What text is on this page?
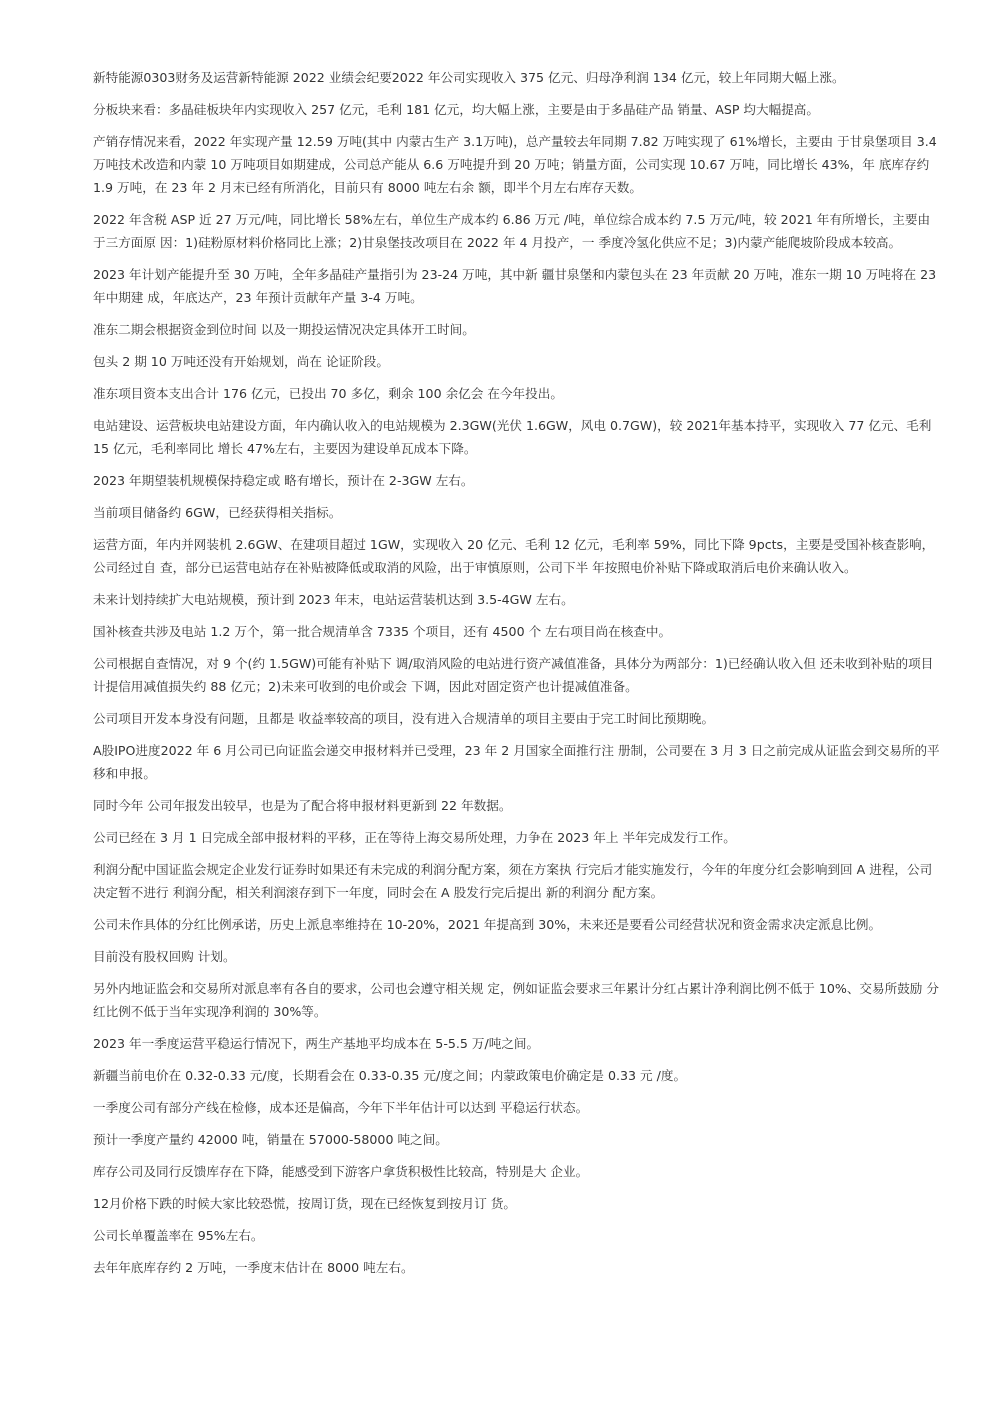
新特能源0303财务及运营新特能源 2022 业绩会纪要2022 年公司实现收入 375 亿元、归母净利润 134 亿元，较上年同期大幅上涨。

分板块来看：多晶硅板块年内实现收入 257 亿元，毛利 181 亿元，均大幅上涨，主要是由于多晶硅产品 销量、ASP 均大幅提高。

产销存情况来看，2022 年实现产量 12.59 万吨(其中 内蒙古生产 3.1万吨)，总产量较去年同期 7.82 万吨实现了 61%增长，主要由 于甘泉堡项目 3.4 万吨技术改造和内蒙 10 万吨项目如期建成，公司总产能从 6.6 万吨提升到 20 万吨；销量方面，公司实现 10.67 万吨，同比增长 43%，年 底库存约 1.9 万吨，在 23 年 2 月末已经有所消化，目前只有 8000 吨左右余 额，即半个月左右库存天数。

2022 年含税 ASP 近 27 万元/吨，同比增长 58%左右，单位生产成本约 6.86 万元 /吨，单位综合成本约 7.5 万元/吨，较 2021 年有所增长，主要由于三方面原 因：1)硅粉原材料价格同比上涨；2)甘泉堡技改项目在 2022 年 4 月投产，一 季度冷氢化供应不足；3)内蒙产能爬坡阶段成本较高。

2023 年计划产能提升至 30 万吨，全年多晶硅产量指引为 23-24 万吨，其中新 疆甘泉堡和内蒙包头在 23 年贡献 20 万吨，准东一期 10 万吨将在 23 年中期建 成，年底达产，23 年预计贡献年产量 3-4 万吨。

准东二期会根据资金到位时间 以及一期投运情况决定具体开工时间。

包头 2 期 10 万吨还没有开始规划，尚在 论证阶段。

准东项目资本支出合计 176 亿元，已投出 70 多亿，剩余 100 余亿会 在今年投出。

电站建设、运营板块电站建设方面，年内确认收入的电站规模为 2.3GW(光伏 1.6GW，风电 0.7GW)，较 2021年基本持平，实现收入 77 亿元、毛利 15 亿元，毛利率同比 增长 47%左右，主要因为建设单瓦成本下降。

2023 年期望装机规模保持稳定或 略有增长，预计在 2-3GW 左右。

当前项目储备约 6GW，已经获得相关指标。

运营方面，年内并网装机 2.6GW、在建项目超过 1GW，实现收入 20 亿元、毛利 12 亿元，毛利率 59%，同比下降 9pcts，主要是受国补核查影响，公司经过自 查，部分已运营电站存在补贴被降低或取消的风险，出于审慎原则，公司下半 年按照电价补贴下降或取消后电价来确认收入。

未来计划持续扩大电站规模，预计到 2023 年末，电站运营装机达到 3.5-4GW 左右。

国补核查共涉及电站 1.2 万个，第一批合规清单含 7335 个项目，还有 4500 个 左右项目尚在核查中。

公司根据自查情况，对 9 个(约 1.5GW)可能有补贴下 调/取消风险的电站进行资产减值准备，具体分为两部分：1)已经确认收入但 还未收到补贴的项目计提信用减值损失约 88 亿元；2)未来可收到的电价或会 下调，因此对固定资产也计提减值准备。

公司项目开发本身没有问题，且都是 收益率较高的项目，没有进入合规清单的项目主要由于完工时间比预期晚。

A股IPO进度2022 年 6 月公司已向证监会递交申报材料并已受理，23 年 2 月国家全面推行注 册制，公司要在 3 月 3 日之前完成从证监会到交易所的平移和申报。

同时今年 公司年报发出较早，也是为了配合将申报材料更新到 22 年数据。

公司已经在 3 月 1 日完成全部申报材料的平移，正在等待上海交易所处理，力争在 2023 年上 半年完成发行工作。

利润分配中国证监会规定企业发行证券时如果还有未完成的利润分配方案，须在方案执 行完后才能实施发行，今年的年度分红会影响到回 A 进程，公司决定暂不进行 利润分配，相关利润滚存到下一年度，同时会在 A 股发行完后提出 新的利润分 配方案。

公司未作具体的分红比例承诺，历史上派息率维持在 10-20%，2021 年提高到 30%，未来还是要看公司经营状况和资金需求决定派息比例。

目前没有股权回购 计划。

另外内地证监会和交易所对派息率有各自的要求，公司也会遵守相关规 定，例如证监会要求三年累计分红占累计净利润比例不低于 10%、交易所鼓励 分红比例不低于当年实现净利润的 30%等。

2023 年一季度运营平稳运行情况下，两生产基地平均成本在 5-5.5 万/吨之间。

新疆当前电价在 0.32-0.33 元/度，长期看会在 0.33-0.35 元/度之间；内蒙政策电价确定是 0.33 元 /度。

一季度公司有部分产线在检修，成本还是偏高，今年下半年估计可以达到 平稳运行状态。

预计一季度产量约 42000 吨，销量在 57000-58000 吨之间。

库存公司及同行反馈库存在下降，能感受到下游客户拿货积极性比较高，特别是大 企业。

12月价格下跌的时候大家比较恐慌，按周订货，现在已经恢复到按月订 货。

公司长单覆盖率在 95%左右。

去年年底库存约 2 万吨，一季度末估计在 8000 吨左右。
